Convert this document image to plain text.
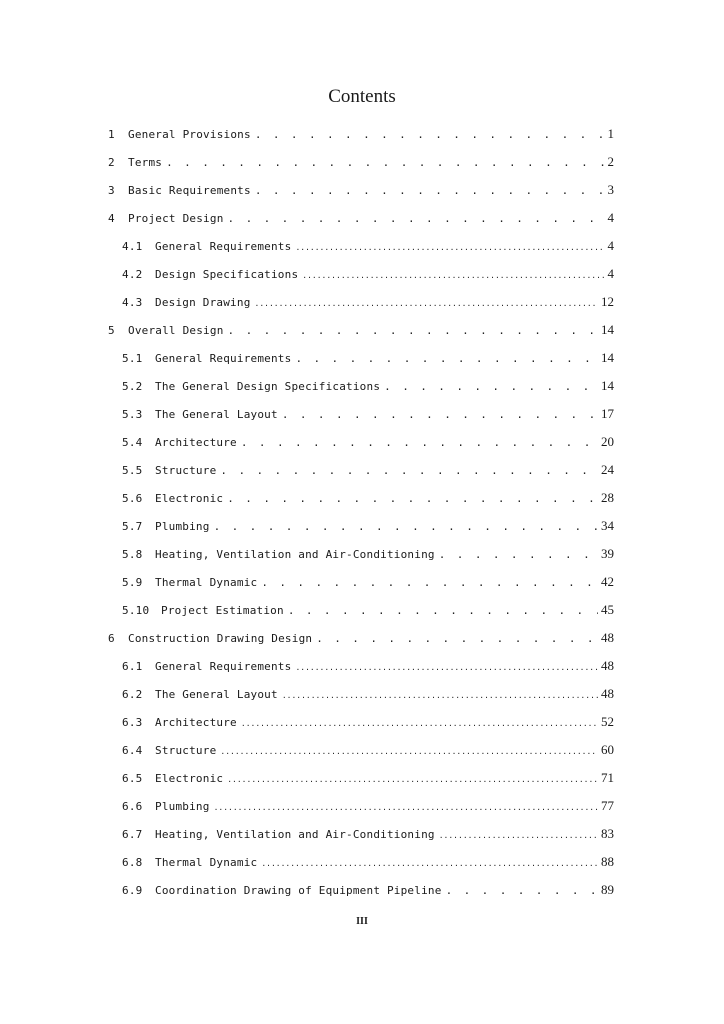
Contents
1 General Provisions . . .	1
2 Terms . . .	2
3 Basic Requirements . . .	3
4 Project Design . . .	4
4.1 General Requirements .....	4
4.2 Design Specifications .....	4
4.3 Design Drawing .....	12
5 Overall Design . . .	14
5.1 General Requirements . . .	14
5.2 The General Design Specifications . . .	14
5.3 The General Layout . . .	17
5.4 Architecture . . .	20
5.5 Structure . . .	24
5.6 Electronic . . .	28
5.7 Plumbing . . .	34
5.8 Heating, Ventilation and Air-Conditioning . . .	39
5.9 Thermal Dynamic . . .	42
5.10 Project Estimation . . .	45
6 Construction Drawing Design . . .	48
6.1 General Requirements .....	48
6.2 The General Layout .....	48
6.3 Architecture .....	52
6.4 Structure .....	60
6.5 Electronic .....	71
6.6 Plumbing .....	77
6.7 Heating, Ventilation and Air-Conditioning .....	83
6.8 Thermal Dynamic .....	88
6.9 Coordination Drawing of Equipment Pipeline . . .	89
III
